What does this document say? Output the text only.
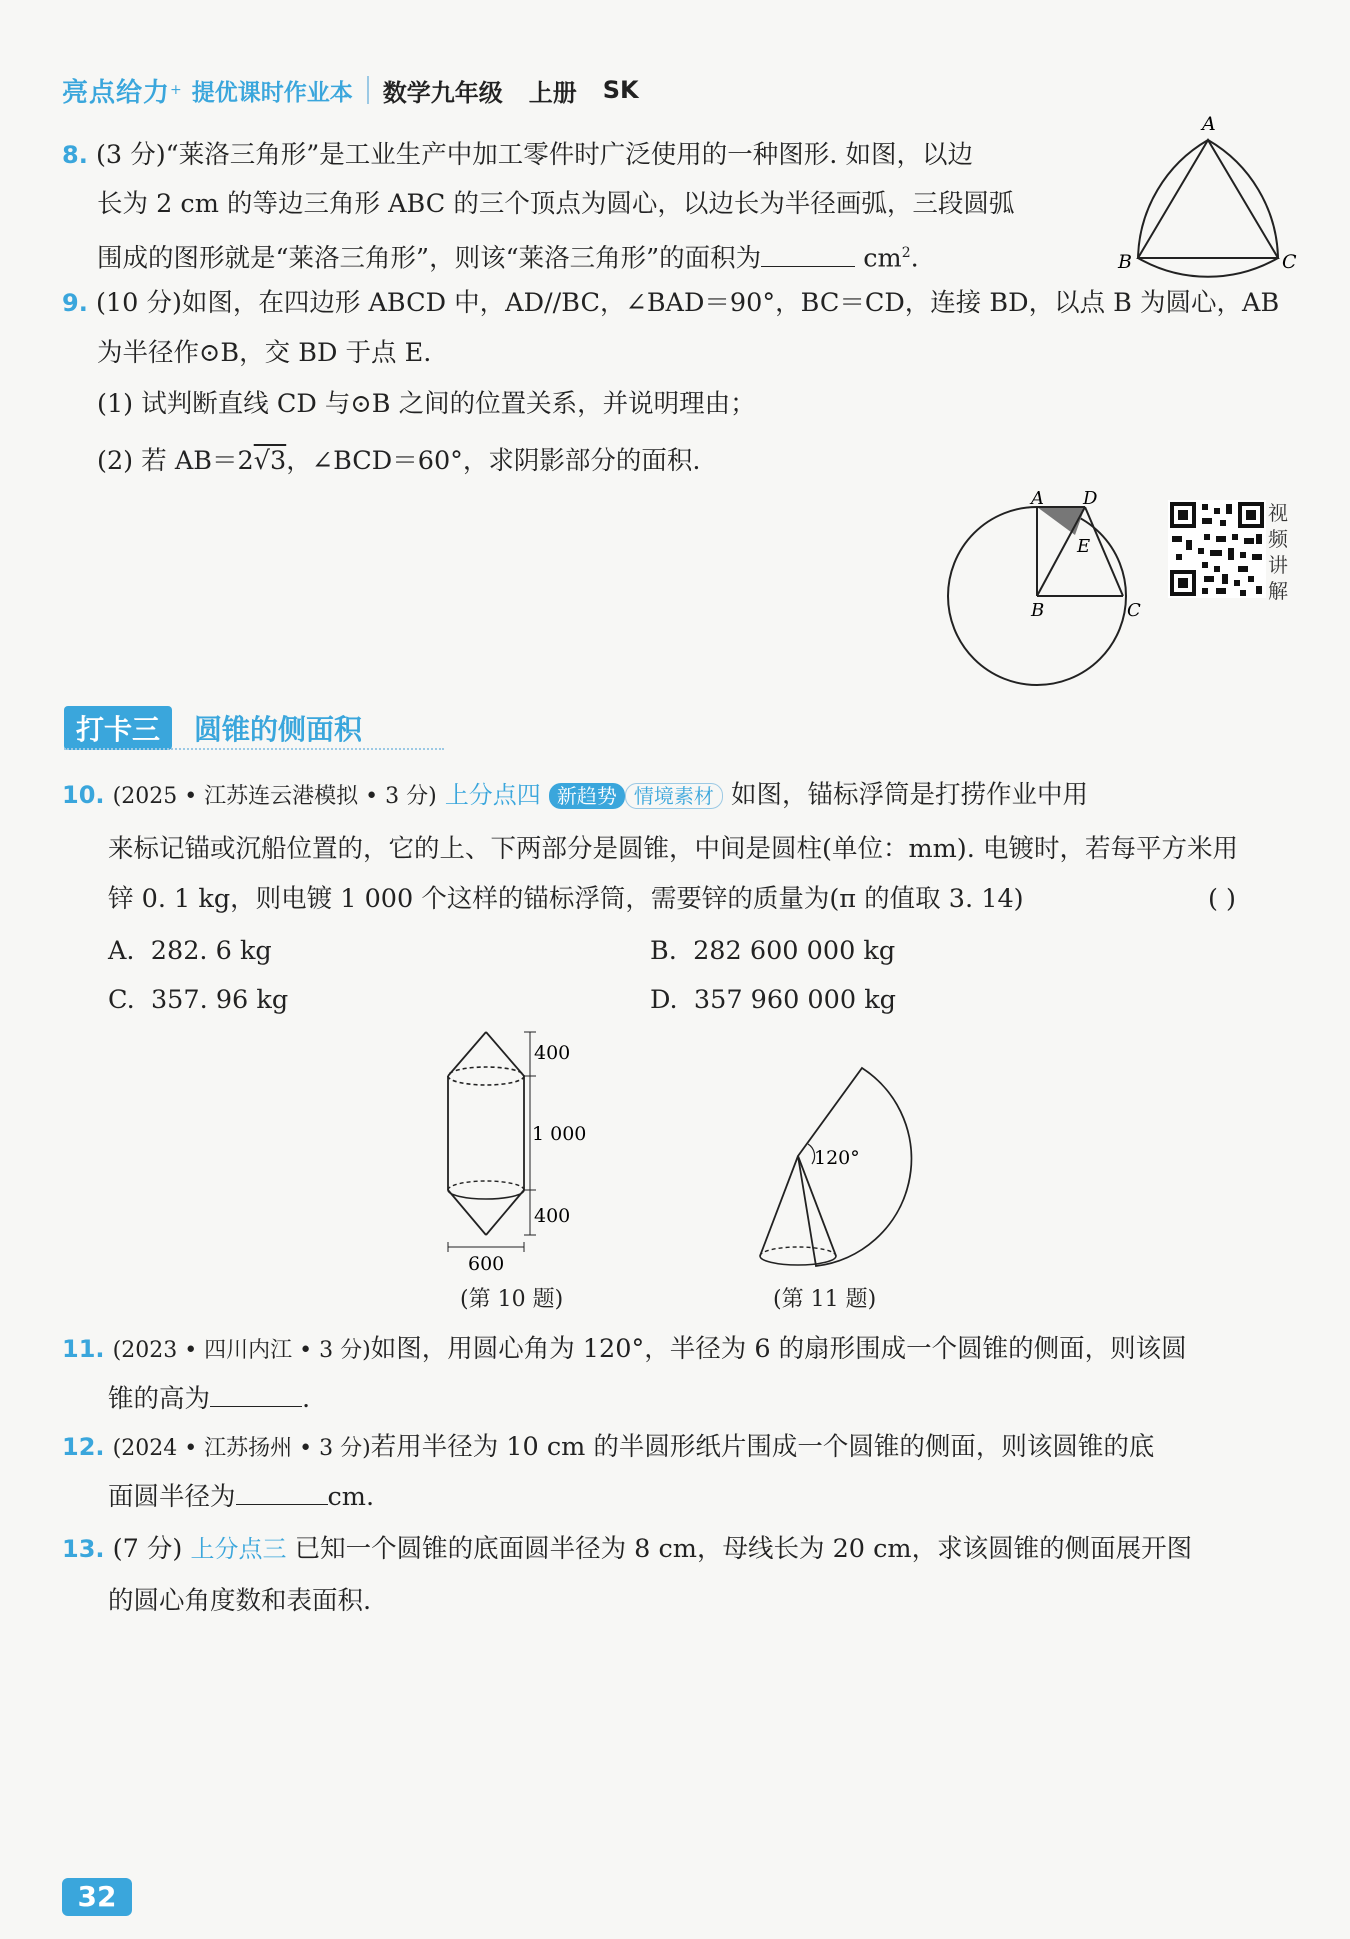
亮点给力 + 提优课时作业本 数学九年级 上册 SK
8. (3 分)“莱洛三角形”是工业生产中加工零件时广泛使用的一种图形. 如图，以边
长为 2 cm 的等边三角形 ABC 的三个顶点为圆心，以边长为半径画弧，三段圆弧
围成的图形就是“莱洛三角形”，则该“莱洛三角形”的面积为	$cm^2$.
A
B	C
9. (10 分)如图，在四边形 ABCD 中，AD//BC，∠BAD＝90°，BC＝CD，连接 BD，以点 B 为圆心，AB
为半径作⊙B，交 BD 于点 E.
(1) 试判断直线 CD 与⊙B 之间的位置关系，并说明理由；
(2) 若 AB＝2√3，∠BCD＝60°，求阴影部分的面积.
A D
E
B	C
视频讲解
打卡三	圆锥的侧面积
10. (2025 • 江苏连云港模拟 • 3 分) 上分点四 新趋势 情境素材 如图，锚标浮筒是打捞作业中用
来标记锚或沉船位置的，它的上、下两部分是圆锥，中间是圆柱(单位：mm). 电镀时，若每平方米用
锌 0. 1 kg，则电镀 1 000 个这样的锚标浮筒，需要锌的质量为(π 的值取 3. 14)	( )
A. 282. 6 kg	B. 282 600 000 kg
C. 357. 96 kg	D. 357 960 000 kg
400
1 000
400
600
(第 10 题)
120°
(第 11 题)
11. (2023 • 四川内江 • 3 分)如图，用圆心角为 120°，半径为 6 的扇形围成一个圆锥的侧面，则该圆
锥的高为	.
12. (2024 • 江苏扬州 • 3 分)若用半径为 10 cm 的半圆形纸片围成一个圆锥的侧面，则该圆锥的底
面圆半径为	cm.
13. (7 分) 上分点三 已知一个圆锥的底面圆半径为 8 cm，母线长为 20 cm，求该圆锥的侧面展开图
的圆心角度数和表面积.
32
